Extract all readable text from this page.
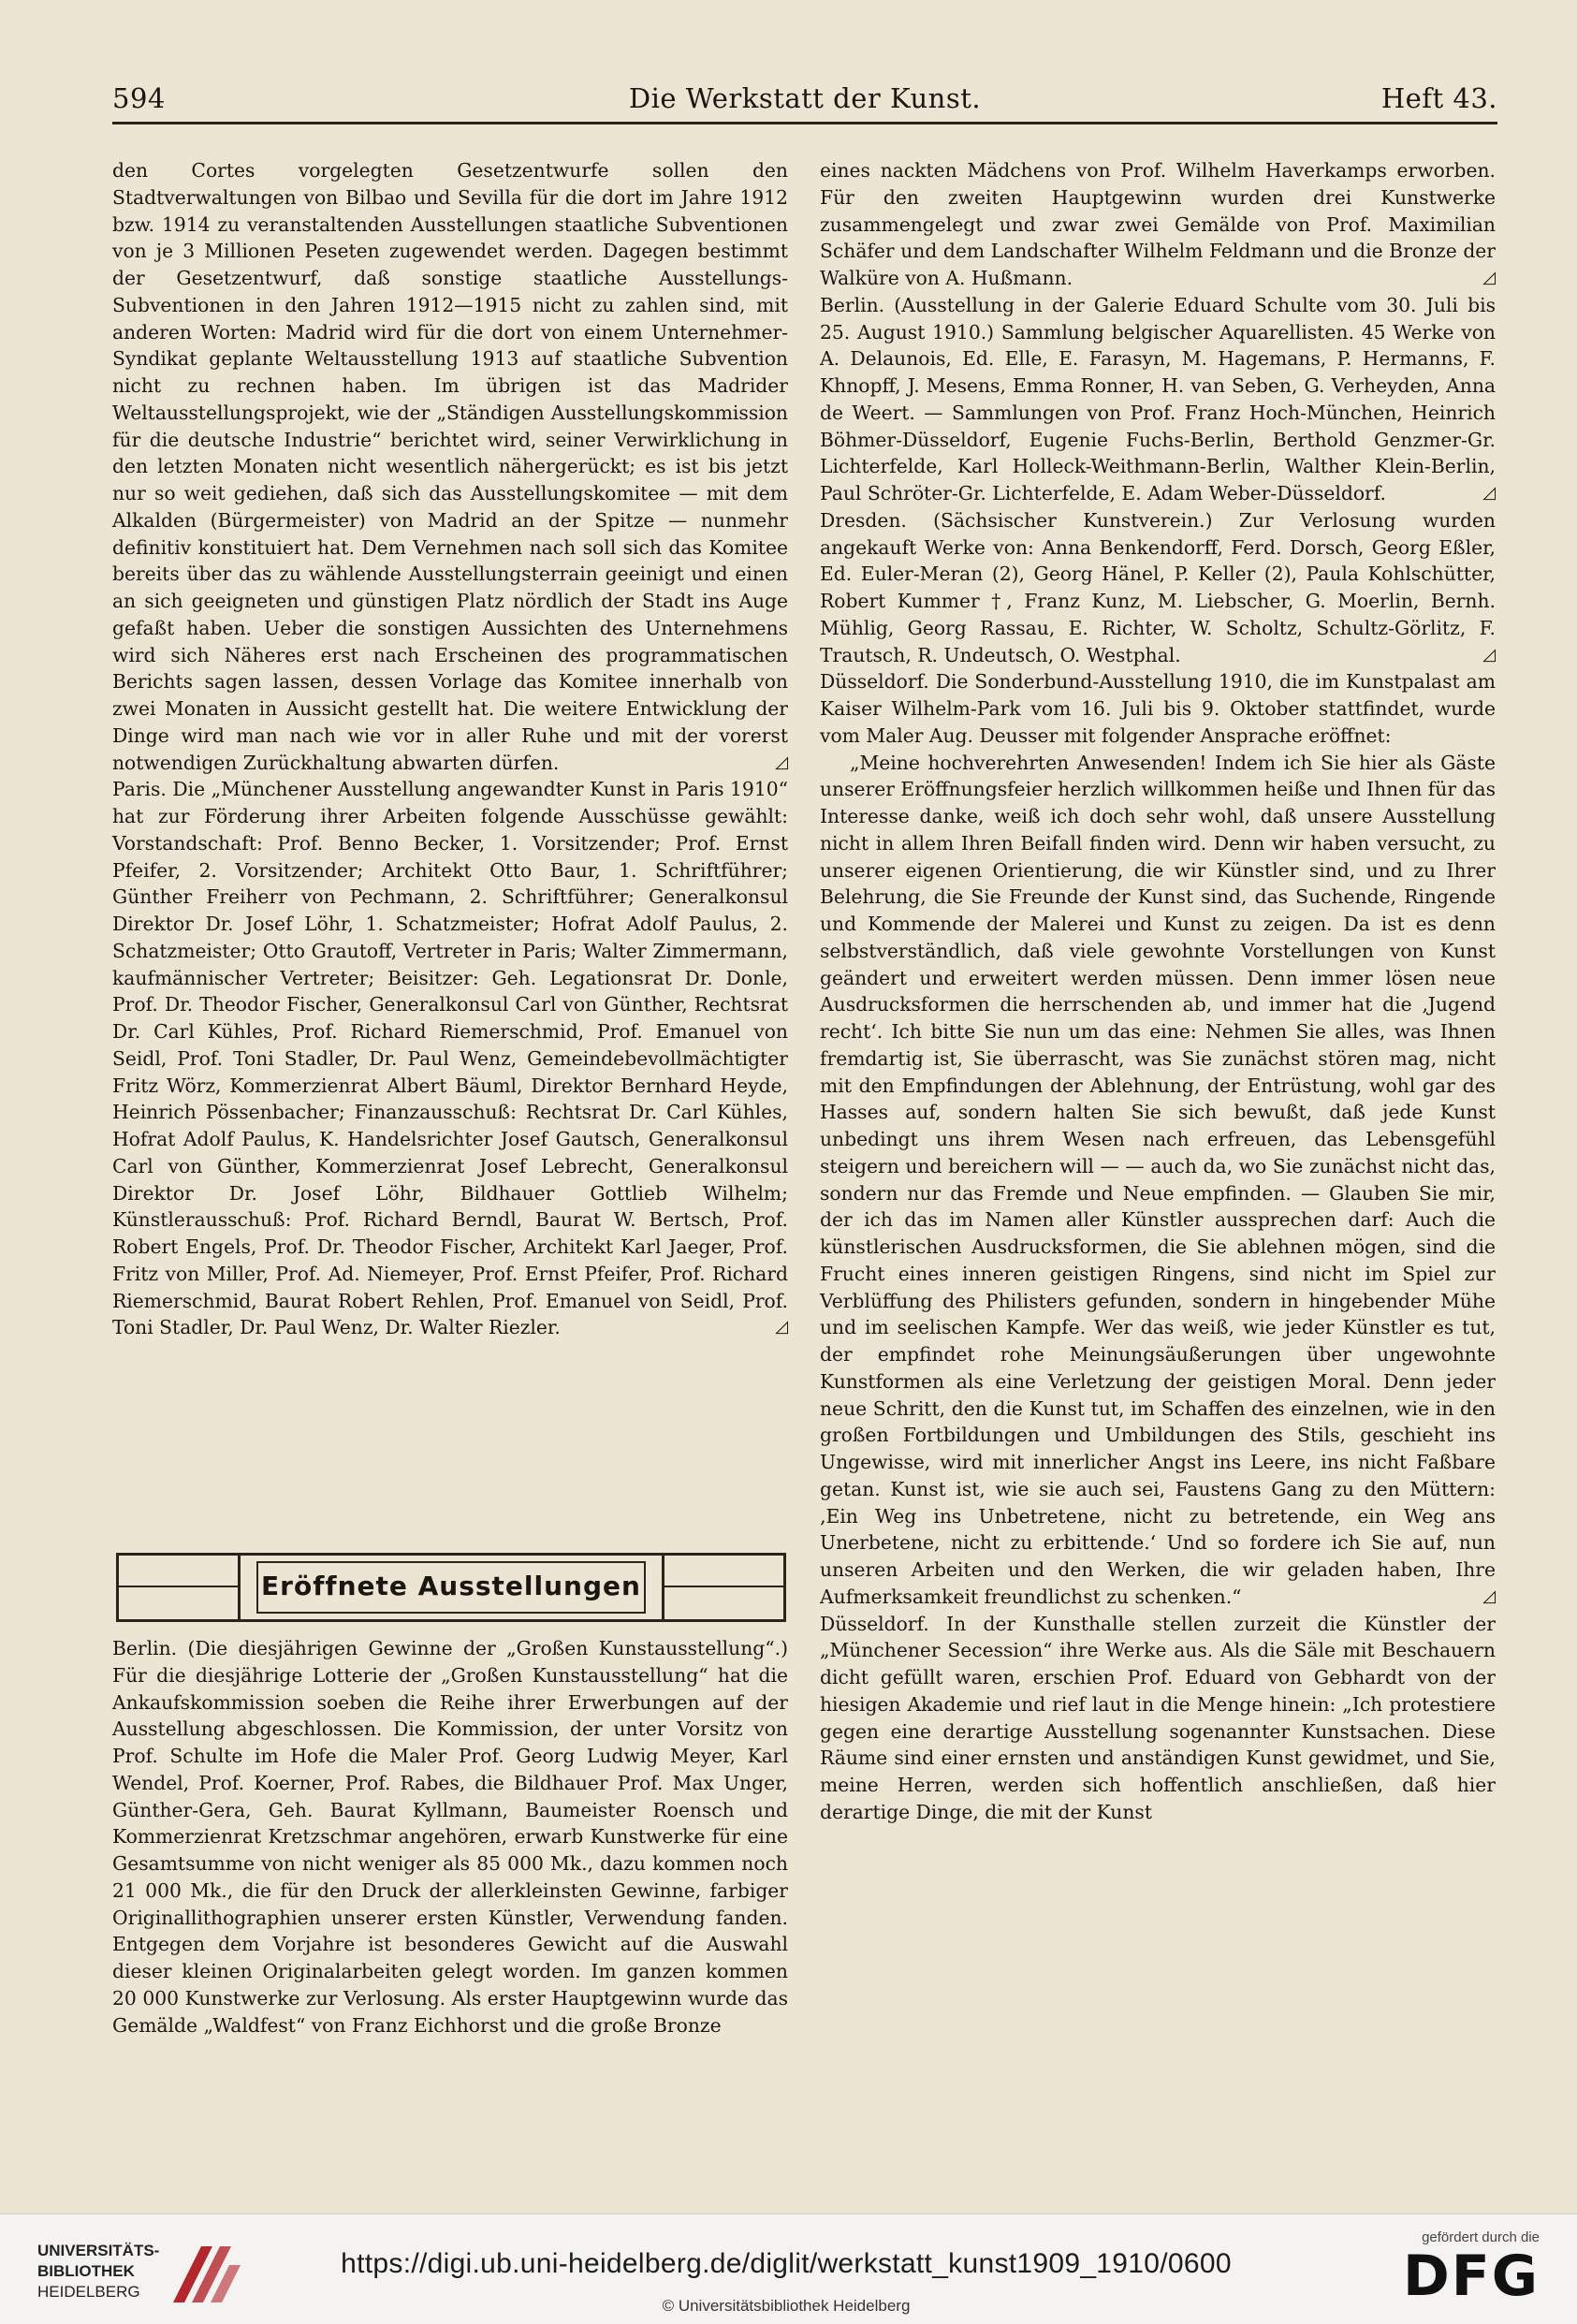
594	Die Werkstatt der Kunst.	Heft 43.

den Cortes vorgelegten Gesetzentwurfe sollen den Stadtverwaltungen von Bilbao und Sevilla für die dort im Jahre 1912 bzw. 1914 zu veranstaltenden Ausstellungen staatliche Subventionen von je 3 Millionen Peseten zugewendet werden. Dagegen bestimmt der Gesetzentwurf, daß sonstige staatliche Ausstellungs-Subventionen in den Jahren 1912—1915 nicht zu zahlen sind, mit anderen Worten: Madrid wird für die dort von einem Unternehmer-Syndikat geplante Weltausstellung 1913 auf staatliche Subvention nicht zu rechnen haben. Im übrigen ist das Madrider Weltausstellungsprojekt, wie der „Ständigen Ausstellungskommission für die deutsche Industrie“ berichtet wird, seiner Verwirklichung in den letzten Monaten nicht wesentlich nähergerückt; es ist bis jetzt nur so weit gediehen, daß sich das Ausstellungskomitee — mit dem Alkalden (Bürgermeister) von Madrid an der Spitze — nunmehr definitiv konstituiert hat. Dem Vernehmen nach soll sich das Komitee bereits über das zu wählende Ausstellungsterrain geeinigt und einen an sich geeigneten und günstigen Platz nördlich der Stadt ins Auge gefaßt haben. Ueber die sonstigen Aussichten des Unternehmens wird sich Näheres erst nach Erscheinen des programmatischen Berichts sagen lassen, dessen Vorlage das Komitee innerhalb von zwei Monaten in Aussicht gestellt hat. Die weitere Entwicklung der Dinge wird man nach wie vor in aller Ruhe und mit der vorerst notwendigen Zurückhaltung abwarten dürfen.	◿

Paris. Die „Münchener Ausstellung angewandter Kunst in Paris 1910“ hat zur Förderung ihrer Arbeiten folgende Ausschüsse gewählt: Vorstandschaft: Prof. Benno Becker, 1. Vorsitzender; Prof. Ernst Pfeifer, 2. Vorsitzender; Architekt Otto Baur, 1. Schriftführer; Günther Freiherr von Pechmann, 2. Schriftführer; Generalkonsul Direktor Dr. Josef Löhr, 1. Schatzmeister; Hofrat Adolf Paulus, 2. Schatzmeister; Otto Grautoff, Vertreter in Paris; Walter Zimmermann, kaufmännischer Vertreter; Beisitzer: Geh. Legationsrat Dr. Donle, Prof. Dr. Theodor Fischer, Generalkonsul Carl von Günther, Rechtsrat Dr. Carl Kühles, Prof. Richard Riemerschmid, Prof. Emanuel von Seidl, Prof. Toni Stadler, Dr. Paul Wenz, Gemeindebevollmächtigter Fritz Wörz, Kommerzienrat Albert Bäuml, Direktor Bernhard Heyde, Heinrich Pössenbacher; Finanzausschuß: Rechtsrat Dr. Carl Kühles, Hofrat Adolf Paulus, K. Handelsrichter Josef Gautsch, Generalkonsul Carl von Günther, Kommerzienrat Josef Lebrecht, Generalkonsul Direktor Dr. Josef Löhr, Bildhauer Gottlieb Wilhelm; Künstlerausschuß: Prof. Richard Berndl, Baurat W. Bertsch, Prof. Robert Engels, Prof. Dr. Theodor Fischer, Architekt Karl Jaeger, Prof. Fritz von Miller, Prof. Ad. Niemeyer, Prof. Ernst Pfeifer, Prof. Richard Riemerschmid, Baurat Robert Rehlen, Prof. Emanuel von Seidl, Prof. Toni Stadler, Dr. Paul Wenz, Dr. Walter Riezler.	◿

Eröffnete Ausstellungen

Berlin. (Die diesjährigen Gewinne der „Großen Kunstausstellung“.) Für die diesjährige Lotterie der „Großen Kunstausstellung“ hat die Ankaufskommission soeben die Reihe ihrer Erwerbungen auf der Ausstellung abgeschlossen. Die Kommission, der unter Vorsitz von Prof. Schulte im Hofe die Maler Prof. Georg Ludwig Meyer, Karl Wendel, Prof. Koerner, Prof. Rabes, die Bildhauer Prof. Max Unger, Günther-Gera, Geh. Baurat Kyllmann, Baumeister Roensch und Kommerzienrat Kretzschmar angehören, erwarb Kunstwerke für eine Gesamtsumme von nicht weniger als 85 000 Mk., dazu kommen noch 21 000 Mk., die für den Druck der allerkleinsten Gewinne, farbiger Originallithographien unserer ersten Künstler, Verwendung fanden. Entgegen dem Vorjahre ist besonderes Gewicht auf die Auswahl dieser kleinen Originalarbeiten gelegt worden. Im ganzen kommen 20 000 Kunstwerke zur Verlosung. Als erster Hauptgewinn wurde das Gemälde „Waldfest“ von Franz Eichhorst und die große Bronze

eines nackten Mädchens von Prof. Wilhelm Haverkamps erworben. Für den zweiten Hauptgewinn wurden drei Kunstwerke zusammengelegt und zwar zwei Gemälde von Prof. Maximilian Schäfer und dem Landschafter Wilhelm Feldmann und die Bronze der Walküre von A. Hußmann.	◿

Berlin. (Ausstellung in der Galerie Eduard Schulte vom 30. Juli bis 25. August 1910.) Sammlung belgischer Aquarellisten. 45 Werke von A. Delaunois, Ed. Elle, E. Farasyn, M. Hagemans, P. Hermanns, F. Khnopff, J. Mesens, Emma Ronner, H. van Seben, G. Verheyden, Anna de Weert. — Sammlungen von Prof. Franz Hoch-München, Heinrich Böhmer-Düsseldorf, Eugenie Fuchs-Berlin, Berthold Genzmer-Gr. Lichterfelde, Karl Holleck-Weithmann-Berlin, Walther Klein-Berlin, Paul Schröter-Gr. Lichterfelde, E. Adam Weber-Düsseldorf.	◿

Dresden. (Sächsischer Kunstverein.) Zur Verlosung wurden angekauft Werke von: Anna Benkendorff, Ferd. Dorsch, Georg Eßler, Ed. Euler-Meran (2), Georg Hänel, P. Keller (2), Paula Kohlschütter, Robert Kummer †, Franz Kunz, M. Liebscher, G. Moerlin, Bernh. Mühlig, Georg Rassau, E. Richter, W. Scholtz, Schultz-Görlitz, F. Trautsch, R. Undeutsch, O. Westphal.	◿

Düsseldorf. Die Sonderbund-Ausstellung 1910, die im Kunstpalast am Kaiser Wilhelm-Park vom 16. Juli bis 9. Oktober stattfindet, wurde vom Maler Aug. Deusser mit folgender Ansprache eröffnet:

„Meine hochverehrten Anwesenden! Indem ich Sie hier als Gäste unserer Eröffnungsfeier herzlich willkommen heiße und Ihnen für das Interesse danke, weiß ich doch sehr wohl, daß unsere Ausstellung nicht in allem Ihren Beifall finden wird. Denn wir haben versucht, zu unserer eigenen Orientierung, die wir Künstler sind, und zu Ihrer Belehrung, die Sie Freunde der Kunst sind, das Suchende, Ringende und Kommende der Malerei und Kunst zu zeigen. Da ist es denn selbstverständlich, daß viele gewohnte Vorstellungen von Kunst geändert und erweitert werden müssen. Denn immer lösen neue Ausdrucksformen die herrschenden ab, und immer hat die ‚Jugend recht‘. Ich bitte Sie nun um das eine: Nehmen Sie alles, was Ihnen fremdartig ist, Sie überrascht, was Sie zunächst stören mag, nicht mit den Empfindungen der Ablehnung, der Entrüstung, wohl gar des Hasses auf, sondern halten Sie sich bewußt, daß jede Kunst unbedingt uns ihrem Wesen nach erfreuen, das Lebensgefühl steigern und bereichern will — — auch da, wo Sie zunächst nicht das, sondern nur das Fremde und Neue empfinden. — Glauben Sie mir, der ich das im Namen aller Künstler aussprechen darf: Auch die künstlerischen Ausdrucksformen, die Sie ablehnen mögen, sind die Frucht eines inneren geistigen Ringens, sind nicht im Spiel zur Verblüffung des Philisters gefunden, sondern in hingebender Mühe und im seelischen Kampfe. Wer das weiß, wie jeder Künstler es tut, der empfindet rohe Meinungsäußerungen über ungewohnte Kunstformen als eine Verletzung der geistigen Moral. Denn jeder neue Schritt, den die Kunst tut, im Schaffen des einzelnen, wie in den großen Fortbildungen und Umbildungen des Stils, geschieht ins Ungewisse, wird mit innerlicher Angst ins Leere, ins nicht Faßbare getan. Kunst ist, wie sie auch sei, Faustens Gang zu den Müttern: ‚Ein Weg ins Unbetretene, nicht zu betretende, ein Weg ans Unerbetene, nicht zu erbittende.‘ Und so fordere ich Sie auf, nun unseren Arbeiten und den Werken, die wir geladen haben, Ihre Aufmerksamkeit freundlichst zu schenken.“	◿

Düsseldorf. In der Kunsthalle stellen zurzeit die Künstler der „Münchener Secession“ ihre Werke aus. Als die Säle mit Beschauern dicht gefüllt waren, erschien Prof. Eduard von Gebhardt von der hiesigen Akademie und rief laut in die Menge hinein: „Ich protestiere gegen eine derartige Ausstellung sogenannter Kunstsachen. Diese Räume sind einer ernsten und anständigen Kunst gewidmet, und Sie, meine Herren, werden sich hoffentlich anschließen, daß hier derartige Dinge, die mit der Kunst

UNIVERSITÄTS-
BIBLIOTHEK
HEIDELBERG
https://digi.ub.uni-heidelberg.de/diglit/werkstatt_kunst1909_1910/0600
© Universitätsbibliothek Heidelberg
gefördert durch die
DFG
